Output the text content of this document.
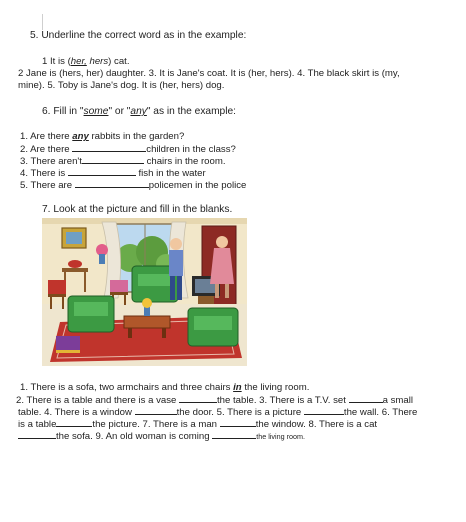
5. Underline the correct word as in the example:
1 It is (her, hers) cat.
2 Jane is (hers, her) daughter. 3. It is Jane's coat. It is (her, hers). 4. The black skirt is (my,
mine). 5. Toby is Jane's dog. It is (her, hers) dog.
6. Fill in "some" or "any" as in the example:
1. Are there any rabbits in the garden?
2. Are there	children in the class?
3. There aren't	chairs in the room.
4. There is	fish in the water
5. There are	policemen in the police
7. Look at the picture and fill in the blanks.
1. There is a sofa, two armchairs and three chairs in the living room.
2. There is a table and there is a vase	the table. 3. There is a T.V. set	a small
table. 4. There is a window	the door. 5. There is a picture	the wall. 6. There
is a table	the picture. 7. There is a man	the window. 8. There is a cat
the sofa. 9. An old woman is coming	the living room.
